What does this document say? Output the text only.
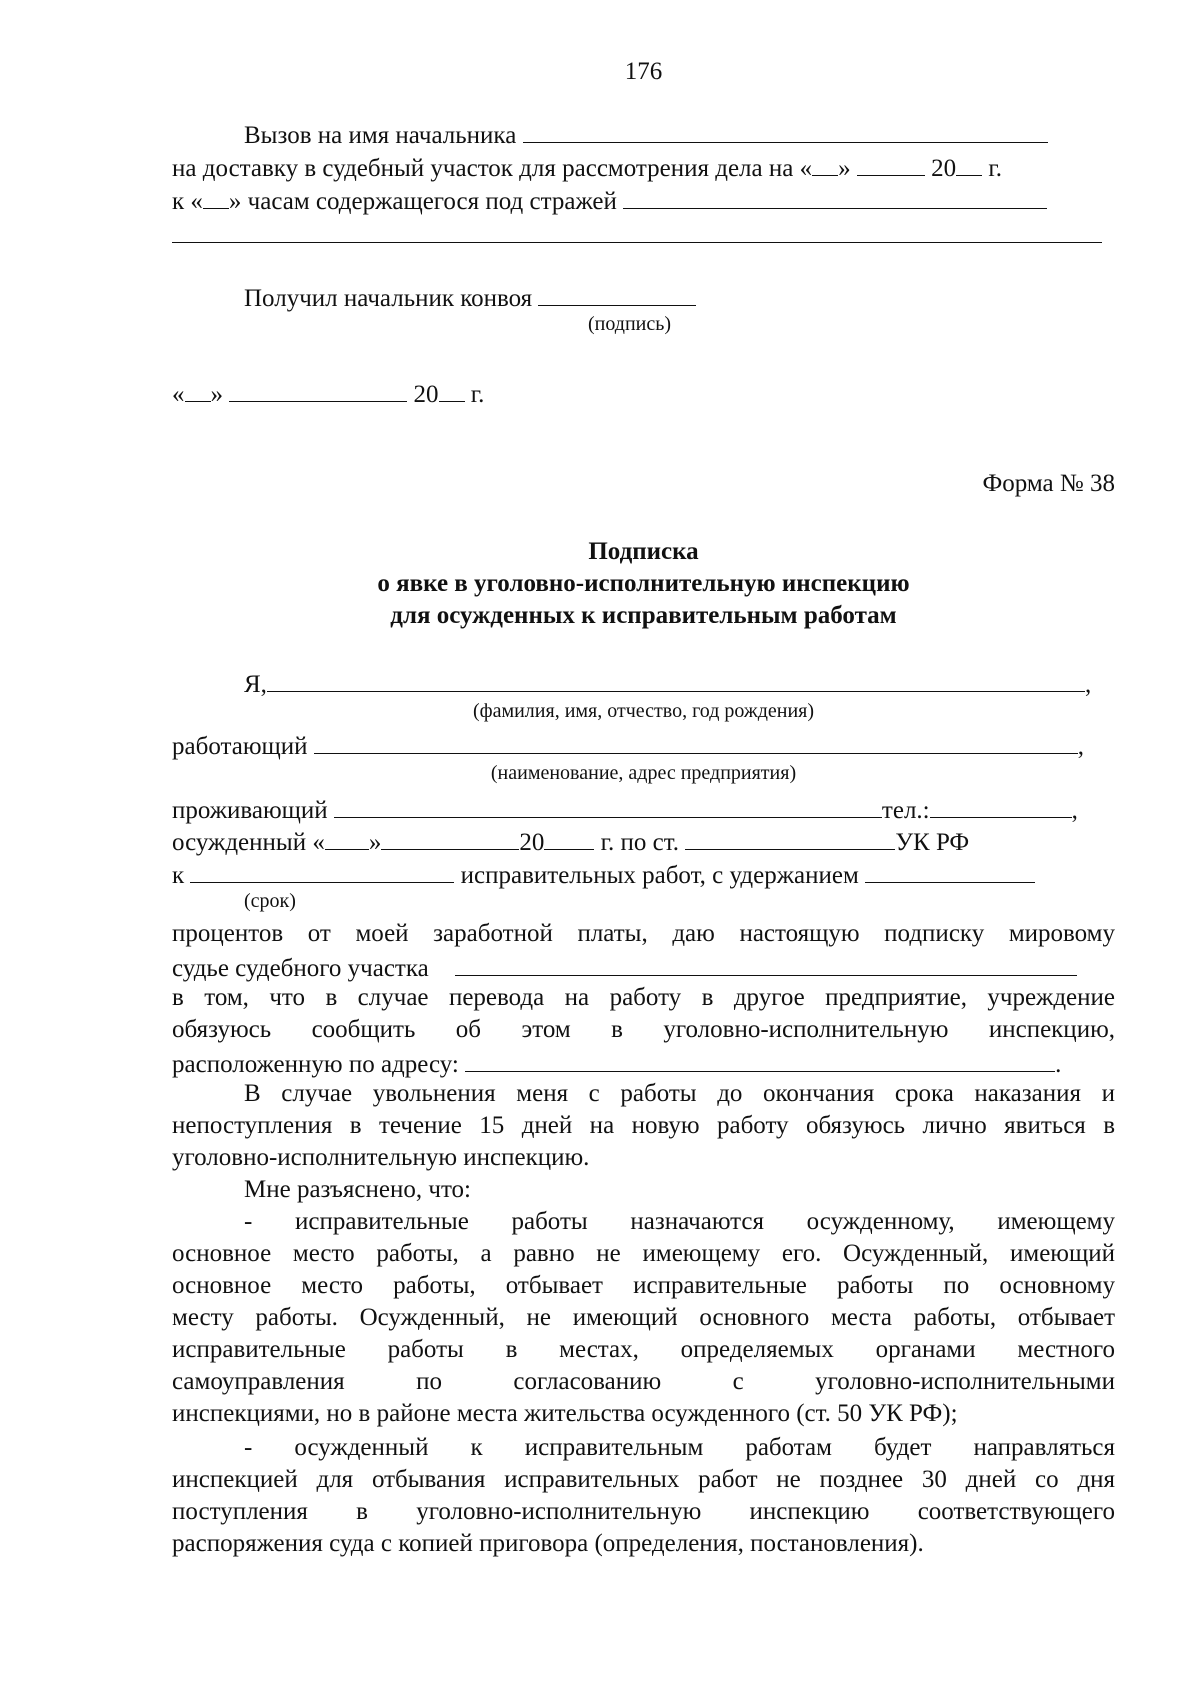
176
Вызов на имя начальника
на доставку в судебный участок для рассмотрения дела на « »	20 г.
к « » часам содержащегося под стражей
Получил начальник конвоя
(подпись)
« »	20 г.
Форма № 38
Подписка
о явке в уголовно-исполнительную инспекцию
для осужденных к исправительным работам
Я,	,
(фамилия, имя, отчество, год рождения)
работающий	,
(наименование, адрес предприятия)
проживающий	тел.:	,
осужденный « »	20 г. по ст.	УК РФ
к	исправительных работ, с удержанием
(срок)
процентов от моей заработной платы, даю настоящую подписку мировому
судье судебного участка
в том, что в случае перевода на работу в другое предприятие, учреждение
обязуюсь сообщить об этом в уголовно-исполнительную инспекцию,
расположенную по адресу:	.
В случае увольнения меня с работы до окончания срока наказания и
непоступления в течение 15 дней на новую работу обязуюсь лично явиться в
уголовно-исполнительную инспекцию.
Мне разъяснено, что:
- исправительные работы назначаются осужденному, имеющему
основное место работы, а равно не имеющему его. Осужденный, имеющий
основное место работы, отбывает исправительные работы по основному
месту работы. Осужденный, не имеющий основного места работы, отбывает
исправительные работы в местах, определяемых органами местного
самоуправления по согласованию с уголовно-исполнительными
инспекциями, но в районе места жительства осужденного (ст. 50 УК РФ);
- осужденный к исправительным работам будет направляться
инспекцией для отбывания исправительных работ не позднее 30 дней со дня
поступления в уголовно-исполнительную инспекцию соответствующего
распоряжения суда с копией приговора (определения, постановления).
